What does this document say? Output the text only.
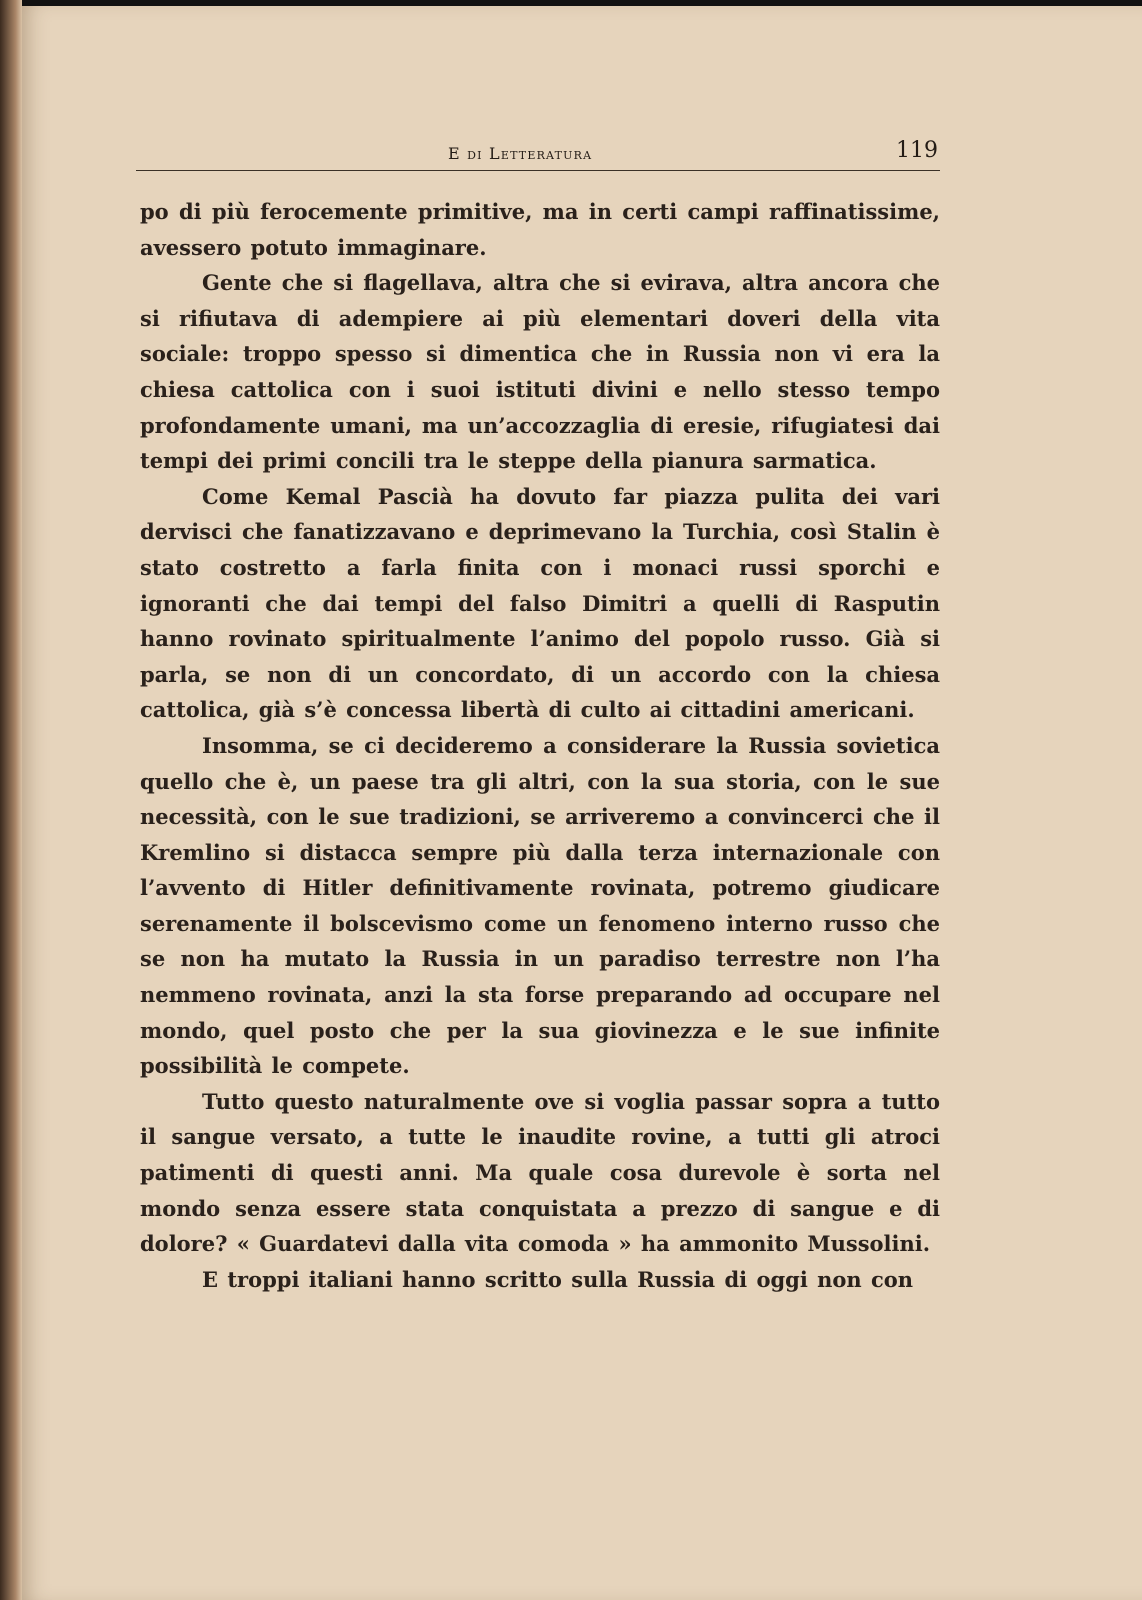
E di Letteratura	119

po di più ferocemente primitive, ma in certi campi raffinatissime, avessero potuto immaginare.

Gente che si flagellava, altra che si evirava, altra ancora che si rifiutava di adempiere ai più elementari doveri della vita sociale: troppo spesso si dimentica che in Russia non vi era la chiesa cattolica con i suoi istituti divini e nello stesso tempo profondamente umani, ma un’accozzaglia di eresie, rifugiatesi dai tempi dei primi concili tra le steppe della pianura sarmatica.

Come Kemal Pascià ha dovuto far piazza pulita dei vari dervisci che fanatizzavano e deprimevano la Turchia, così Stalin è stato costretto a farla finita con i monaci russi sporchi e ignoranti che dai tempi del falso Dimitri a quelli di Rasputin hanno rovinato spiritualmente l’animo del popolo russo. Già si parla, se non di un concordato, di un accordo con la chiesa cattolica, già s’è concessa libertà di culto ai cittadini americani.

Insomma, se ci decideremo a considerare la Russia sovietica quello che è, un paese tra gli altri, con la sua storia, con le sue necessità, con le sue tradizioni, se arriveremo a convincerci che il Kremlino si distacca sempre più dalla terza internazionale con l’avvento di Hitler definitivamente rovinata, potremo giudicare serenamente il bolscevismo come un fenomeno interno russo che se non ha mutato la Russia in un paradiso terrestre non l’ha nemmeno rovinata, anzi la sta forse preparando ad occupare nel mondo, quel posto che per la sua giovinezza e le sue infinite possibilità le compete.

Tutto questo naturalmente ove si voglia passar sopra a tutto il sangue versato, a tutte le inaudite rovine, a tutti gli atroci patimenti di questi anni. Ma quale cosa durevole è sorta nel mondo senza essere stata conquistata a prezzo di sangue e di dolore? « Guardatevi dalla vita comoda » ha ammonito Mussolini.

E troppi italiani hanno scritto sulla Russia di oggi non con
